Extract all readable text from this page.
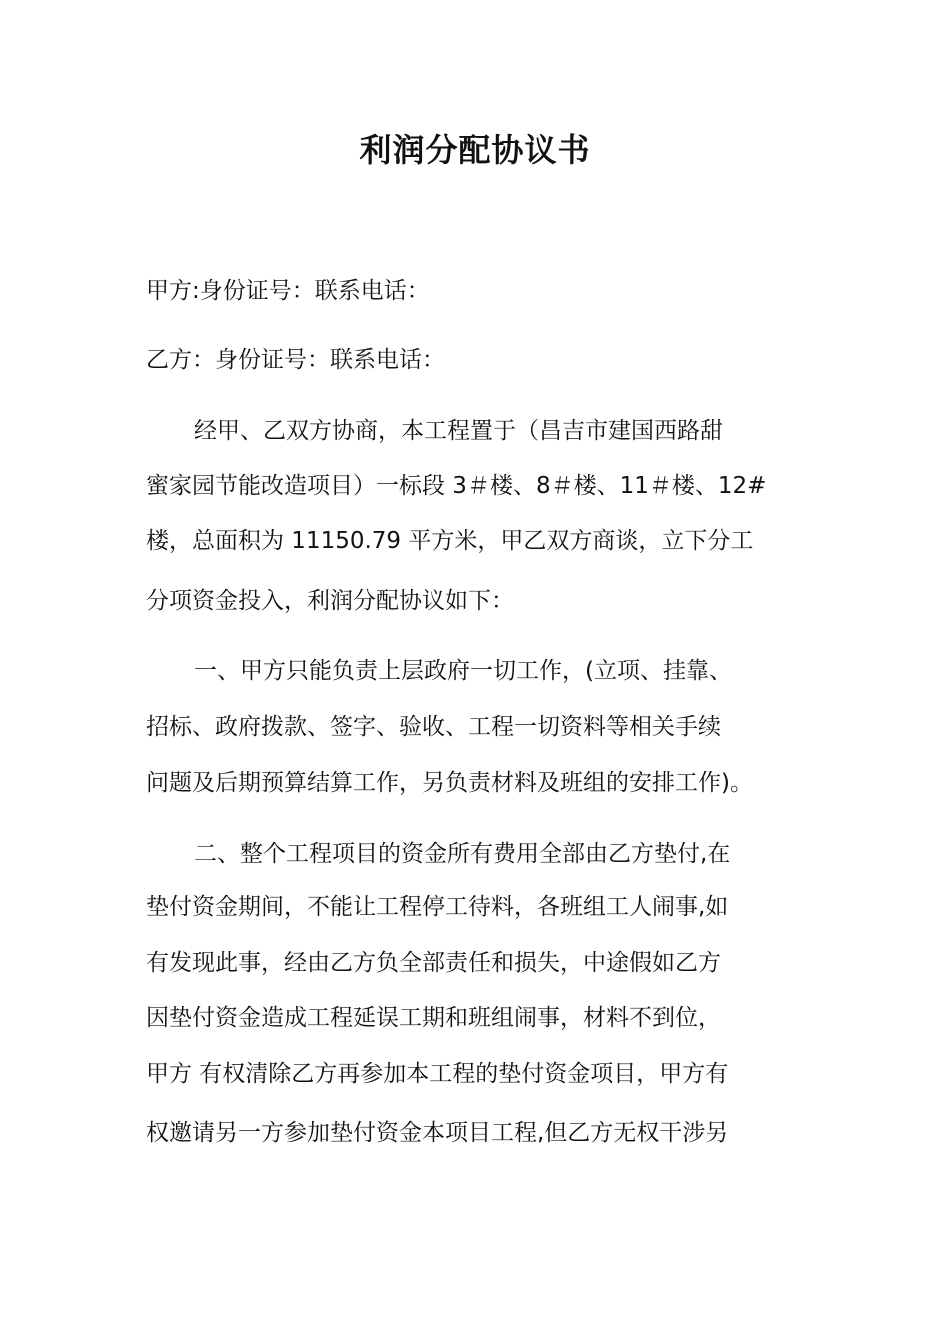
利润分配协议书

甲方:身份证号：联系电话：

乙方：身份证号：联系电话：

经甲、乙双方协商，本工程置于（昌吉市建国西路甜

蜜家园节能改造项目）一标段 3＃楼、8＃楼、11＃楼、12#

楼，总面积为 11150.79 平方米，甲乙双方商谈，立下分工

分项资金投入，利润分配协议如下：

一、甲方只能负责上层政府一切工作，(立项、挂靠、

招标、政府拨款、签字、验收、工程一切资料等相关手续

问题及后期预算结算工作，另负责材料及班组的安排工作)。

二、整个工程项目的资金所有费用全部由乙方垫付,在

垫付资金期间，不能让工程停工待料，各班组工人闹事,如

有发现此事，经由乙方负全部责任和损失，中途假如乙方

因垫付资金造成工程延误工期和班组闹事，材料不到位，

甲方 有权清除乙方再参加本工程的垫付资金项目，甲方有

权邀请另一方参加垫付资金本项目工程,但乙方无权干涉另
